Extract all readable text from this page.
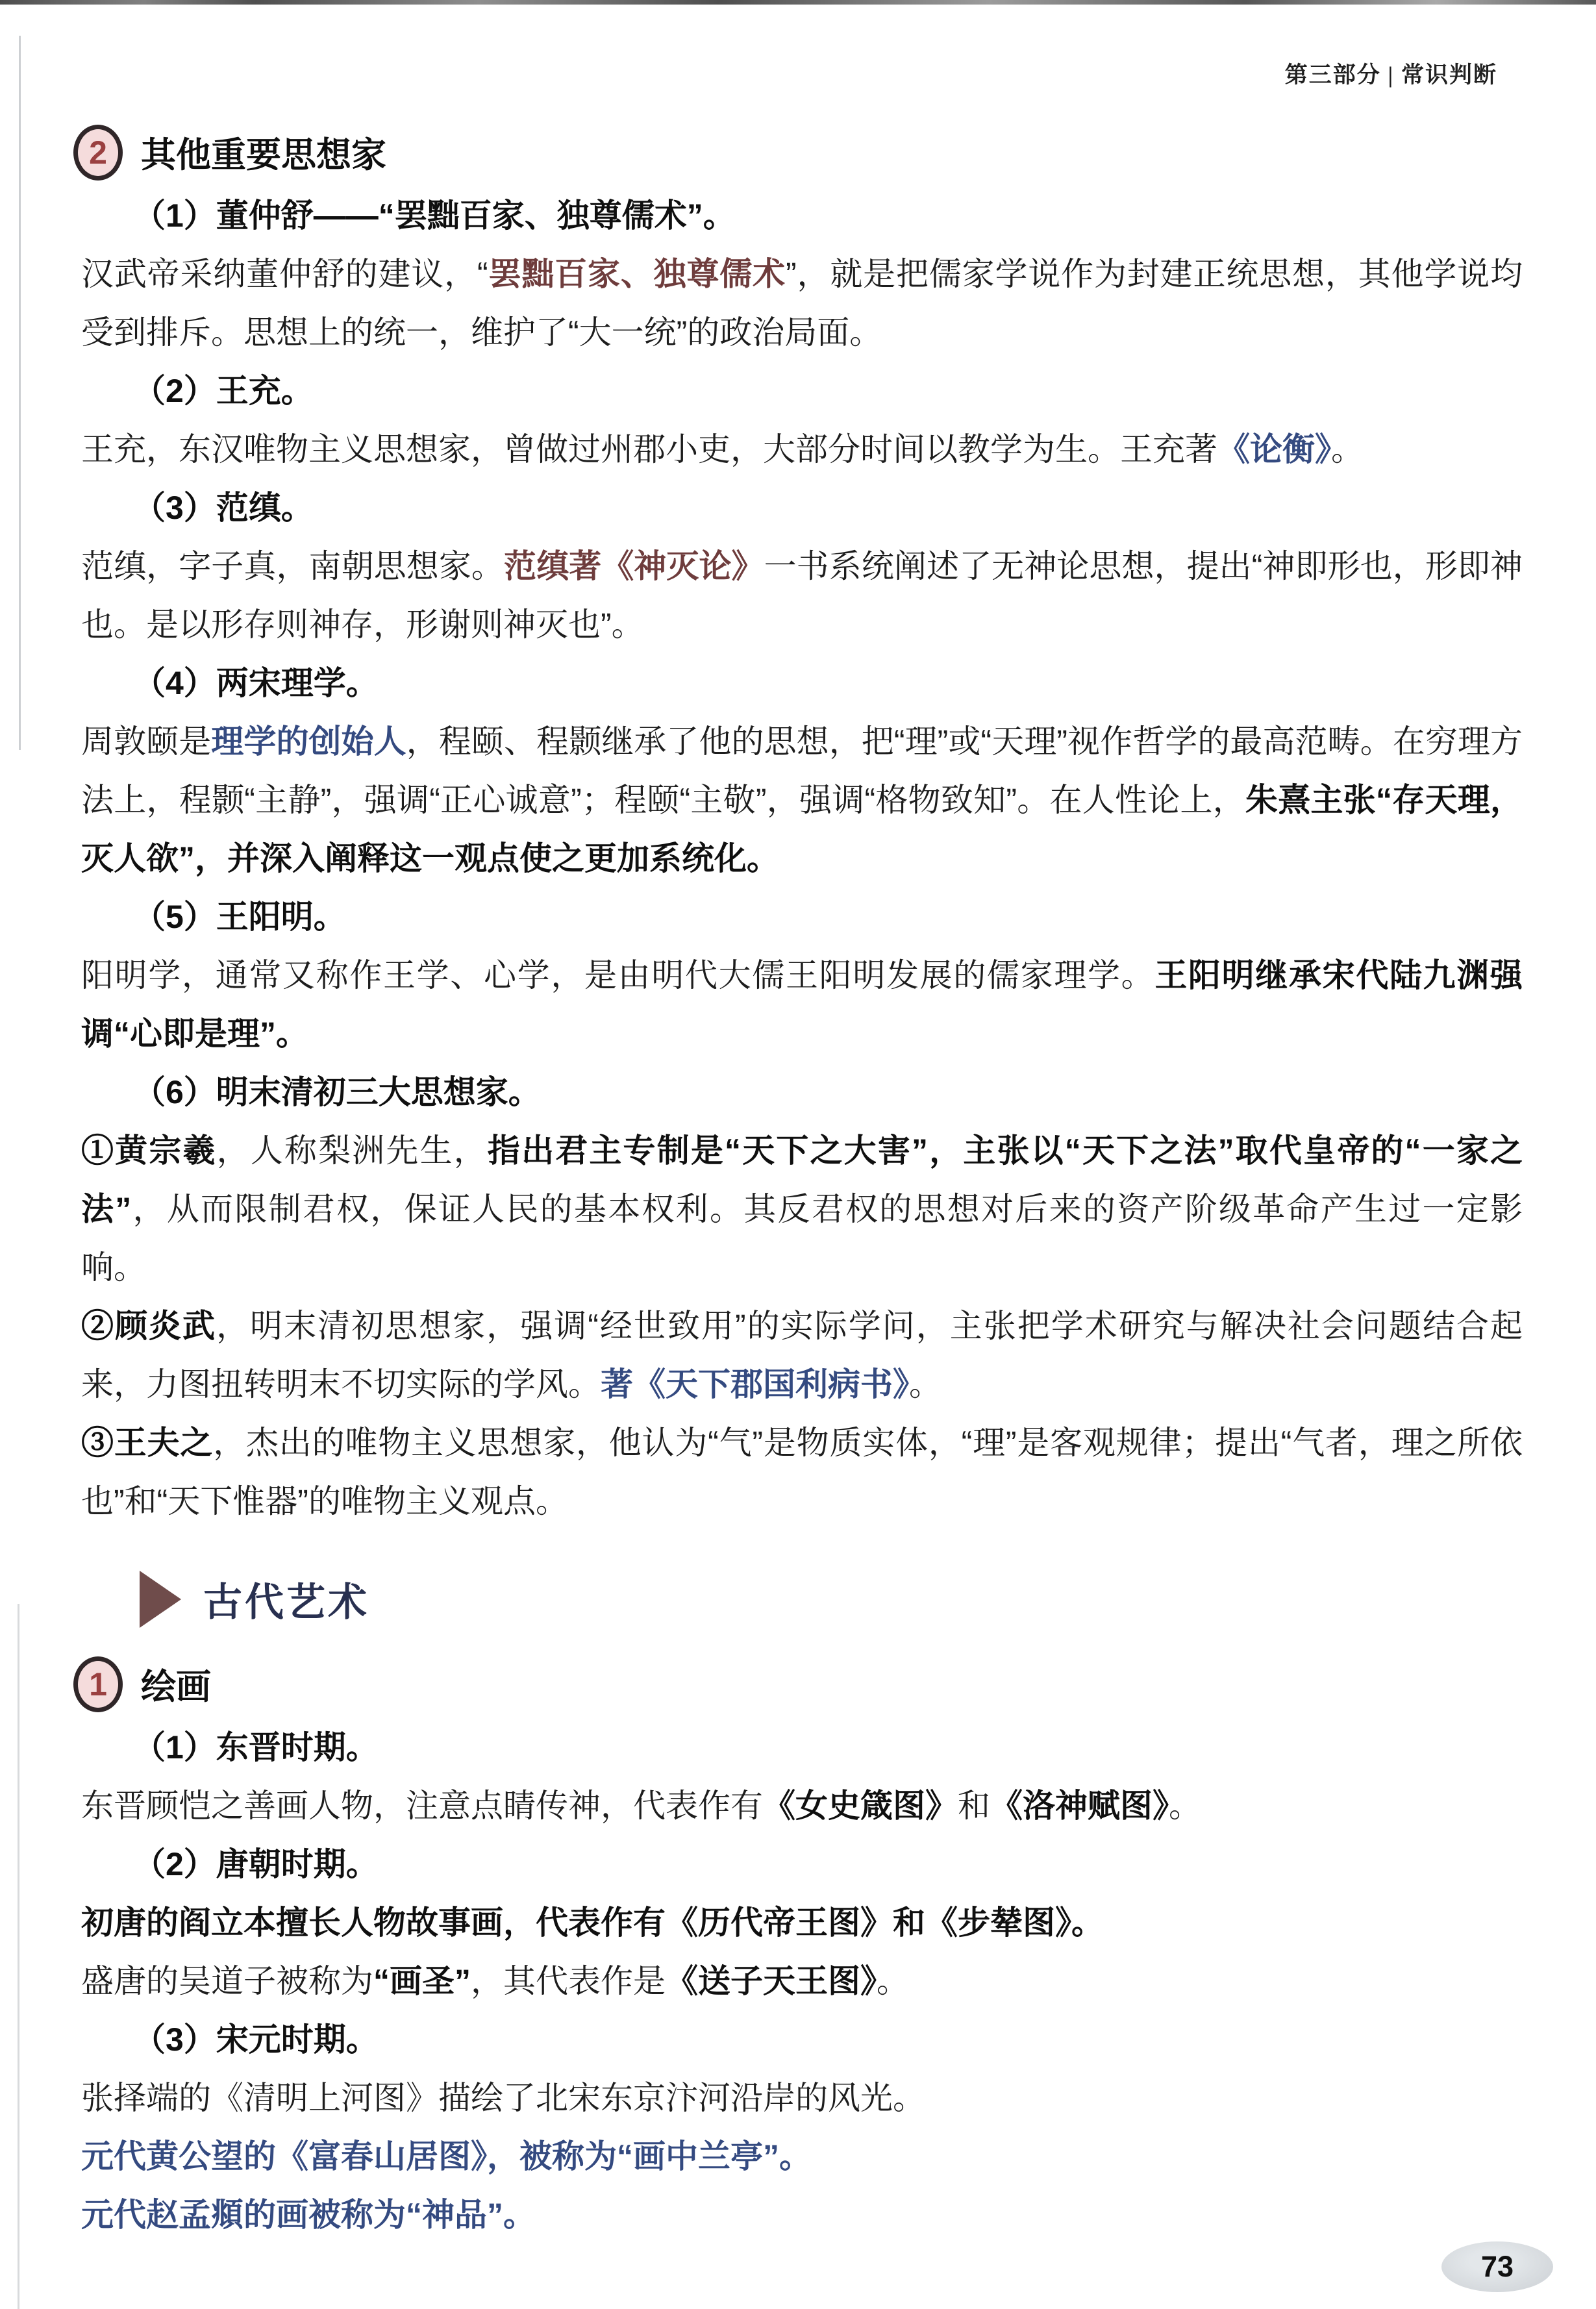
第三部分 | 常识判断
2 其他重要思想家
（1）董仲舒——“罢黜百家、独尊儒术”。

汉武帝采纳董仲舒的建议，“罢黜百家、独尊儒术”，就是把儒家学说作为封建正统思想，其他学说均受到排斥。思想上的统一，维护了“大一统”的政治局面。

（2）王充。

王充，东汉唯物主义思想家，曾做过州郡小吏，大部分时间以教学为生。王充著《论衡》。

（3）范缜。

范缜，字子真，南朝思想家。范缜著《神灭论》一书系统阐述了无神论思想，提出“神即形也，形即神也。是以形存则神存，形谢则神灭也”。

（4）两宋理学。

周敦颐是理学的创始人，程颐、程颢继承了他的思想，把“理”或“天理”视作哲学的最高范畴。在穷理方法上，程颢“主静”，强调“正心诚意”；程颐“主敬”，强调“格物致知”。在人性论上，朱熹主张“存天理，灭人欲”，并深入阐释这一观点使之更加系统化。

（5）王阳明。

阳明学，通常又称作王学、心学，是由明代大儒王阳明发展的儒家理学。王阳明继承宋代陆九渊强调“心即是理”。

（6）明末清初三大思想家。

①黄宗羲，人称梨洲先生，指出君主专制是“天下之大害”，主张以“天下之法”取代皇帝的“一家之法”，从而限制君权，保证人民的基本权利。其反君权的思想对后来的资产阶级革命产生过一定影响。

②顾炎武，明末清初思想家，强调“经世致用”的实际学问，主张把学术研究与解决社会问题结合起来，力图扭转明末不切实际的学风。著《天下郡国利病书》。

③王夫之，杰出的唯物主义思想家，他认为“气”是物质实体，“理”是客观规律；提出“气者，理之所依也”和“天下惟器”的唯物主义观点。

古代艺术
1 绘画
（1）东晋时期。

东晋顾恺之善画人物，注意点睛传神，代表作有《女史箴图》和《洛神赋图》。

（2）唐朝时期。

初唐的阎立本擅长人物故事画，代表作有《历代帝王图》和《步辇图》。

盛唐的吴道子被称为“画圣”，其代表作是《送子天王图》。

（3）宋元时期。

张择端的《清明上河图》描绘了北宋东京汴河沿岸的风光。

元代黄公望的《富春山居图》，被称为“画中兰亭”。

元代赵孟頫的画被称为“神品”。

73
